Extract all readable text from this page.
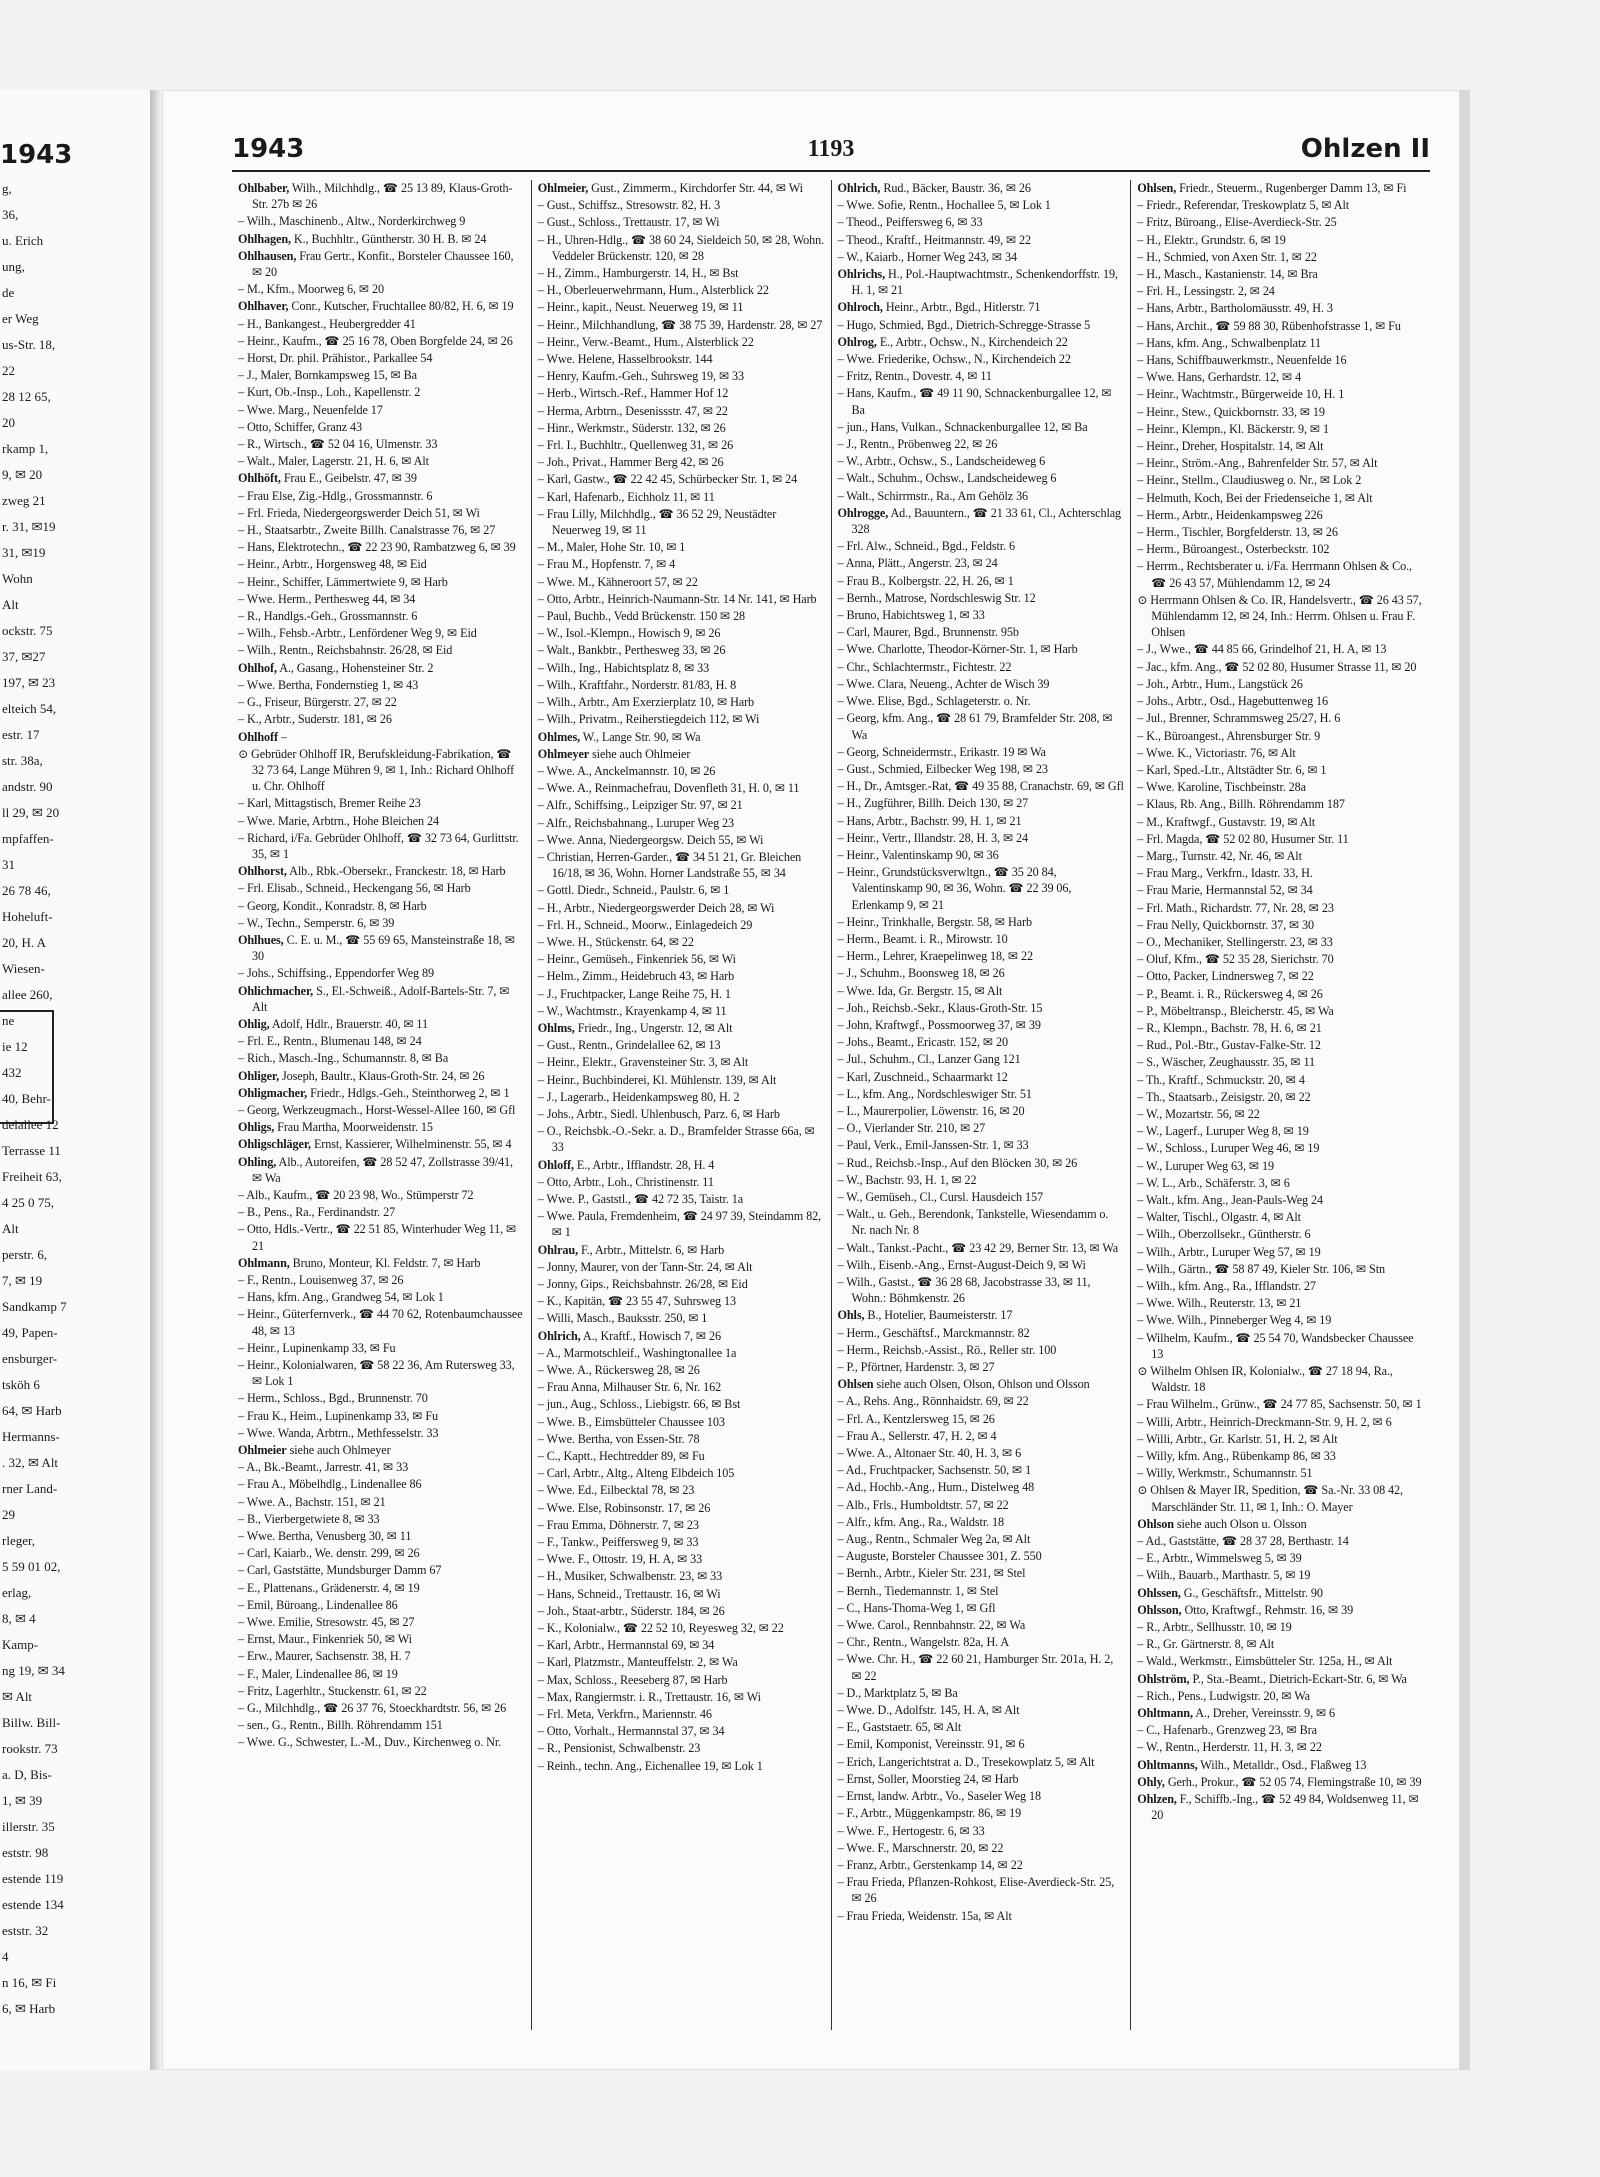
1943
g,
36,
u. Erich
ung,
de
er Weg
us-Str. 18,
22
28 12 65,
20
rkamp 1,
9, ✉ 20
zweg 21
r. 31, ✉19
31, ✉19
Wohn
Alt
ockstr. 75
37, ✉27
197, ✉ 23
elteich 54,
estr. 17
str. 38a,
andstr. 90
ll 29, ✉ 20
mpfaffen-
31
26 78 46,
Hoheluft-
20, H. A
Wiesen-
allee 260,
ne
ie 12
432
40, Behr-
delallee 12
Terrasse 11
Freiheit 63,
4 25 0 75,
Alt
perstr. 6,
7, ✉ 19
Sandkamp 7
49, Papen-
ensburger-
tsköh 6
64, ✉ Harb
Hermanns-
. 32, ✉ Alt
rner Land-
29
rleger,
5 59 01 02,
erlag,
8, ✉ 4
Kamp-
ng 19, ✉ 34
✉ Alt
Billw. Bill-
rookstr. 73
a. D, Bis-
1, ✉ 39
illerstr. 35
eststr. 98
estende 119
estende 134
eststr. 32
4
n 16, ✉ Fi
6, ✉ Harb
1943	1193	Ohlzen II
Ohlbaber, Wilh., Milchhdlg., ☎ 25 13 89, Klaus-Groth-Str. 27b ✉ 26
– Wilh., Maschinenb., Altw., Norderkirchweg 9
Ohlhagen, K., Buchhltr., Güntherstr. 30 H. B. ✉ 24
Ohlhausen, Frau Gertr., Konfit., Borsteler Chaussee 160, ✉ 20
– M., Kfm., Moorweg 6, ✉ 20
Ohlhaver, Conr., Kutscher, Fruchtallee 80/82, H. 6, ✉ 19
– H., Bankangest., Heubergredder 41
– Heinr., Kaufm., ☎ 25 16 78, Oben Borgfelde 24, ✉ 26
– Horst, Dr. phil. Prähistor., Parkallee 54
– J., Maler, Bornkampsweg 15, ✉ Ba
– Kurt, Ob.-Insp., Loh., Kapellenstr. 2
– Wwe. Marg., Neuenfelde 17
– Otto, Schiffer, Granz 43
– R., Wirtsch., ☎ 52 04 16, Ulmenstr. 33
– Walt., Maler, Lagerstr. 21, H. 6, ✉ Alt
Ohlhöft, Frau E., Geibelstr. 47, ✉ 39
– Frau Else, Zig.-Hdlg., Grossmannstr. 6
– Frl. Frieda, Niedergeorgswerder Deich 51, ✉ Wi
– H., Staatsarbtr., Zweite Billh. Canalstrasse 76, ✉ 27
– Hans, Elektrotechn., ☎ 22 23 90, Rambatzweg 6, ✉ 39
– Heinr., Arbtr., Horgensweg 48, ✉ Eid
– Heinr., Schiffer, Lämmertwiete 9, ✉ Harb
– Wwe. Herm., Perthesweg 44, ✉ 34
– R., Handlgs.-Geh., Grossmannstr. 6
– Wilh., Fehsb.-Arbtr., Lenfördener Weg 9, ✉ Eid
– Wilh., Rentn., Reichsbahnstr. 26/28, ✉ Eid
Ohlhof, A., Gasang., Hohensteiner Str. 2
– Wwe. Bertha, Fondernstieg 1, ✉ 43
– G., Friseur, Bürgerstr. 27, ✉ 22
– K., Arbtr., Suderstr. 181, ✉ 26
Ohlhoff –
⊙ Gebrüder Ohlhoff IR, Berufskleidung-Fabrikation, ☎ 32 73 64, Lange Mühren 9, ✉ 1, Inh.: Richard Ohlhoff u. Chr. Ohlhoff
– Karl, Mittagstisch, Bremer Reihe 23
– Wwe. Marie, Arbtrn., Hohe Bleichen 24
– Richard, i/Fa. Gebrüder Ohlhoff, ☎ 32 73 64, Gurlittstr. 35, ✉ 1
Ohlhorst, Alb., Rbk.-Obersekr., Franckestr. 18, ✉ Harb
– Frl. Elisab., Schneid., Heckengang 56, ✉ Harb
– Georg, Kondit., Konradstr. 8, ✉ Harb
– W., Techn., Semperstr. 6, ✉ 39
Ohlhues, C. E. u. M., ☎ 55 69 65, Mansteinstraße 18, ✉ 30
– Johs., Schiffsing., Eppendorfer Weg 89
Ohlichmacher, S., El.-Schweiß., Adolf-Bartels-Str. 7, ✉ Alt
Ohlig, Adolf, Hdlr., Brauerstr. 40, ✉ 11
– Frl. E., Rentn., Blumenau 148, ✉ 24
– Rich., Masch.-Ing., Schumannstr. 8, ✉ Ba
Ohliger, Joseph, Baultr., Klaus-Groth-Str. 24, ✉ 26
Ohligmacher, Friedr., Hdlgs.-Geh., Steinthorweg 2, ✉ 1
– Georg, Werkzeugmach., Horst-Wessel-Allee 160, ✉ Gfl
Ohligs, Frau Martha, Moorweidenstr. 15
Ohligschläger, Ernst, Kassierer, Wilhelminenstr. 55, ✉ 4
Ohling, Alb., Autoreifen, ☎ 28 52 47, Zollstrasse 39/41, ✉ Wa
– Alb., Kaufm., ☎ 20 23 98, Wo., Stümperstr 72
– B., Pens., Ra., Ferdinandstr. 27
– Otto, Hdls.-Vertr., ☎ 22 51 85, Winterhuder Weg 11, ✉ 21
Ohlmann, Bruno, Monteur, Kl. Feldstr. 7, ✉ Harb
– F., Rentn., Louisenweg 37, ✉ 26
– Hans, kfm. Ang., Grandweg 54, ✉ Lok 1
– Heinr., Güterfernverk., ☎ 44 70 62, Rotenbaumchaussee 48, ✉ 13
– Heinr., Lupinenkamp 33, ✉ Fu
– Heinr., Kolonialwaren, ☎ 58 22 36, Am Rutersweg 33, ✉ Lok 1
– Herm., Schloss., Bgd., Brunnenstr. 70
– Frau K., Heim., Lupinenkamp 33, ✉ Fu
– Wwe. Wanda, Arbtrn., Methfesselstr. 33
Ohlmeier siehe auch Ohlmeyer
– A., Bk.-Beamt., Jarrestr. 41, ✉ 33
– Frau A., Möbelhdlg., Lindenallee 86
– Wwe. A., Bachstr. 151, ✉ 21
– B., Vierbergetwiete 8, ✉ 33
– Wwe. Bertha, Venusberg 30, ✉ 11
– Carl, Kaiarb., We. denstr. 299, ✉ 26
– Carl, Gaststätte, Mundsburger Damm 67
– E., Plattenans., Grädenerstr. 4, ✉ 19
– Emil, Büroang., Lindenallee 86
– Wwe. Emilie, Stresowstr. 45, ✉ 27
– Ernst, Maur., Finkenriek 50, ✉ Wi
– Erw., Maurer, Sachsenstr. 38, H. 7
– F., Maler, Lindenallee 86, ✉ 19
– Fritz, Lagerhltr., Stuckenstr. 61, ✉ 22
– G., Milchhdlg., ☎ 26 37 76, Stoeckhardtstr. 56, ✉ 26
– sen., G., Rentn., Billh. Röhrendamm 151
– Wwe. G., Schwester, L.-M., Duv., Kirchenweg o. Nr.
Ohlmeier, Gust., Zimmerm., Kirchdorfer Str. 44, ✉ Wi
– Gust., Schiffsz., Stresowstr. 82, H. 3
– Gust., Schloss., Trettaustr. 17, ✉ Wi
– H., Uhren-Hdlg., ☎ 38 60 24, Sieldeich 50, ✉ 28, Wohn. Veddeler Brückenstr. 120, ✉ 28
– H., Zimm., Hamburgerstr. 14, H., ✉ Bst
– H., Oberleuerwehrmann, Hum., Alsterblick 22
– Heinr., kapit., Neust. Neuerweg 19, ✉ 11
– Heinr., Milchhandlung, ☎ 38 75 39, Hardenstr. 28, ✉ 27
– Heinr., Verw.-Beamt., Hum., Alsterblick 22
– Wwe. Helene, Hasselbrookstr. 144
– Henry, Kaufm.-Geh., Suhrsweg 19, ✉ 33
– Herb., Wirtsch.-Ref., Hammer Hof 12
– Herma, Arbtrn., Desenissstr. 47, ✉ 22
– Hinr., Werkmstr., Süderstr. 132, ✉ 26
– Frl. I., Buchhltr., Quellenweg 31, ✉ 26
– Joh., Privat., Hammer Berg 42, ✉ 26
– Karl, Gastw., ☎ 22 42 45, Schürbecker Str. 1, ✉ 24
– Karl, Hafenarb., Eichholz 11, ✉ 11
– Frau Lilly, Milchhdlg., ☎ 36 52 29, Neustädter Neuerweg 19, ✉ 11
– M., Maler, Hohe Str. 10, ✉ 1
– Frau M., Hopfenstr. 7, ✉ 4
– Wwe. M., Kähneroort 57, ✉ 22
– Otto, Arbtr., Heinrich-Naumann-Str. 14 Nr. 141, ✉ Harb
– Paul, Buchb., Vedd Brückenstr. 150 ✉ 28
– W., Isol.-Klempn., Howisch 9, ✉ 26
– Walt., Bankbtr., Perthesweg 33, ✉ 26
– Wilh., Ing., Habichtsplatz 8, ✉ 33
– Wilh., Kraftfahr., Norderstr. 81/83, H. 8
– Wilh., Arbtr., Am Exerzierplatz 10, ✉ Harb
– Wilh., Privatm., Reiherstiegdeich 112, ✉ Wi
Ohlmes, W., Lange Str. 90, ✉ Wa
Ohlmeyer siehe auch Ohlmeier
– Wwe. A., Anckelmannstr. 10, ✉ 26
– Wwe. A., Reinmachefrau, Dovenfleth 31, H. 0, ✉ 11
– Alfr., Schiffsing., Leipziger Str. 97, ✉ 21
– Alfr., Reichsbahnang., Luruper Weg 23
– Wwe. Anna, Niedergeorgsw. Deich 55, ✉ Wi
– Christian, Herren-Garder., ☎ 34 51 21, Gr. Bleichen 16/18, ✉ 36, Wohn. Horner Landstraße 55, ✉ 34
– Gottl. Diedr., Schneid., Paulstr. 6, ✉ 1
– H., Arbtr., Niedergeorgswerder Deich 28, ✉ Wi
– Frl. H., Schneid., Moorw., Einlagedeich 29
– Wwe. H., Stückenstr. 64, ✉ 22
– Heinr., Gemüseh., Finkenriek 56, ✉ Wi
– Helm., Zimm., Heidebruch 43, ✉ Harb
– J., Fruchtpacker, Lange Reihe 75, H. 1
– W., Wachtmstr., Krayenkamp 4, ✉ 11
Ohlms, Friedr., Ing., Ungerstr. 12, ✉ Alt
– Gust., Rentn., Grindelallee 62, ✉ 13
– Heinr., Elektr., Gravensteiner Str. 3, ✉ Alt
– Heinr., Buchbinderei, Kl. Mühlenstr. 139, ✉ Alt
– J., Lagerarb., Heidenkampsweg 80, H. 2
– Johs., Arbtr., Siedl. Uhlenbusch, Parz. 6, ✉ Harb
– O., Reichsbk.-O.-Sekr. a. D., Bramfelder Strasse 66a, ✉ 33
Ohloff, E., Arbtr., Ifflandstr. 28, H. 4
– Otto, Arbtr., Loh., Christinenstr. 11
– Wwe. P., Gaststl., ☎ 42 72 35, Taistr. 1a
– Wwe. Paula, Fremdenheim, ☎ 24 97 39, Steindamm 82, ✉ 1
Ohlrau, F., Arbtr., Mittelstr. 6, ✉ Harb
– Jonny, Maurer, von der Tann-Str. 24, ✉ Alt
– Jonny, Gips., Reichsbahnstr. 26/28, ✉ Eid
– K., Kapitän, ☎ 23 55 47, Suhrsweg 13
– Willi, Masch., Bauksstr. 250, ✉ 1
Ohlrich, A., Kraftf., Howisch 7, ✉ 26
– A., Marmotschleif., Washingtonallee 1a
– Wwe. A., Rückersweg 28, ✉ 26
– Frau Anna, Milhauser Str. 6, Nr. 162
– jun., Aug., Schloss., Liebigstr. 66, ✉ Bst
– Wwe. B., Eimsbütteler Chaussee 103
– Wwe. Bertha, von Essen-Str. 78
– C., Kaptt., Hechtredder 89, ✉ Fu
– Carl, Arbtr., Altg., Alteng Elbdeich 105
– Wwe. Ed., Eilbecktal 78, ✉ 23
– Wwe. Else, Robinsonstr. 17, ✉ 26
– Frau Emma, Döhnerstr. 7, ✉ 23
– F., Tankw., Peiffersweg 9, ✉ 33
– Wwe. F., Ottostr. 19, H. A, ✉ 33
– H., Musiker, Schwalbenstr. 23, ✉ 33
– Hans, Schneid., Trettaustr. 16, ✉ Wi
– Joh., Staat-arbtr., Süderstr. 184, ✉ 26
– K., Kolonialw., ☎ 22 52 10, Reyesweg 32, ✉ 22
– Karl, Arbtr., Hermannstal 69, ✉ 34
– Karl, Platzmstr., Manteuffelstr. 2, ✉ Wa
– Max, Schloss., Reeseberg 87, ✉ Harb
– Max, Rangiermstr. i. R., Trettaustr. 16, ✉ Wi
– Frl. Meta, Verkfrn., Mariennstr. 46
– Otto, Vorhalt., Hermannstal 37, ✉ 34
– R., Pensionist, Schwalbenstr. 23
– Reinh., techn. Ang., Eichenallee 19, ✉ Lok 1
Ohlrich, Rud., Bäcker, Baustr. 36, ✉ 26
– Wwe. Sofie, Rentn., Hochallee 5, ✉ Lok 1
– Theod., Peiffersweg 6, ✉ 33
– Theod., Kraftf., Heitmannstr. 49, ✉ 22
– W., Kaiarb., Horner Weg 243, ✉ 34
Ohlrichs, H., Pol.-Hauptwachtmstr., Schenkendorffstr. 19, H. 1, ✉ 21
Ohlroch, Heinr., Arbtr., Bgd., Hitlerstr. 71
– Hugo, Schmied, Bgd., Dietrich-Schregge-Strasse 5
Ohlrog, E., Arbtr., Ochsw., N., Kirchendeich 22
– Wwe. Friederike, Ochsw., N., Kirchendeich 22
– Fritz, Rentn., Dovestr. 4, ✉ 11
– Hans, Kaufm., ☎ 49 11 90, Schnackenburgallee 12, ✉ Ba
– jun., Hans, Vulkan., Schnackenburgallee 12, ✉ Ba
– J., Rentn., Pröbenweg 22, ✉ 26
– W., Arbtr., Ochsw., S., Landscheideweg 6
– Walt., Schuhm., Ochsw., Landscheideweg 6
– Walt., Schirrmstr., Ra., Am Gehölz 36
Ohlrogge, Ad., Bauuntern., ☎ 21 33 61, Cl., Achterschlag 328
– Frl. Alw., Schneid., Bgd., Feldstr. 6
– Anna, Plätt., Angerstr. 23, ✉ 24
– Frau B., Kolbergstr. 22, H. 26, ✉ 1
– Bernh., Matrose, Nordschleswig Str. 12
– Bruno, Habichtsweg 1, ✉ 33
– Carl, Maurer, Bgd., Brunnenstr. 95b
– Wwe. Charlotte, Theodor-Körner-Str. 1, ✉ Harb
– Chr., Schlachtermstr., Fichtestr. 22
– Wwe. Clara, Neueng., Achter de Wisch 39
– Wwe. Elise, Bgd., Schlageterstr. o. Nr.
– Georg, kfm. Ang., ☎ 28 61 79, Bramfelder Str. 208, ✉ Wa
– Georg, Schneidermstr., Erikastr. 19 ✉ Wa
– Gust., Schmied, Eilbecker Weg 198, ✉ 23
– H., Dr., Amtsger.-Rat, ☎ 49 35 88, Cranachstr. 69, ✉ Gfl
– H., Zugführer, Billh. Deich 130, ✉ 27
– Hans, Arbtr., Bachstr. 99, H. 1, ✉ 21
– Heinr., Vertr., Illandstr. 28, H. 3, ✉ 24
– Heinr., Valentinskamp 90, ✉ 36
– Heinr., Grundstücksverwltgn., ☎ 35 20 84, Valentinskamp 90, ✉ 36, Wohn. ☎ 22 39 06, Erlenkamp 9, ✉ 21
– Heinr., Trinkhalle, Bergstr. 58, ✉ Harb
– Herm., Beamt. i. R., Mirowstr. 10
– Herm., Lehrer, Kraepelinweg 18, ✉ 22
– J., Schuhm., Boonsweg 18, ✉ 26
– Wwe. Ida, Gr. Bergstr. 15, ✉ Alt
– Joh., Reichsb.-Sekr., Klaus-Groth-Str. 15
– John, Kraftwgf., Possmoorweg 37, ✉ 39
– Johs., Beamt., Ericastr. 152, ✉ 20
– Jul., Schuhm., Cl., Lanzer Gang 121
– Karl, Zuschneid., Schaarmarkt 12
– L., kfm. Ang., Nordschleswiger Str. 51
– L., Maurerpolier, Löwenstr. 16, ✉ 20
– O., Vierlander Str. 210, ✉ 27
– Paul, Verk., Emil-Janssen-Str. 1, ✉ 33
– Rud., Reichsb.-Insp., Auf den Blöcken 30, ✉ 26
– W., Bachstr. 93, H. 1, ✉ 22
– W., Gemüseh., Cl., Cursl. Hausdeich 157
– Walt., u. Geh., Berendonk, Tankstelle, Wiesendamm o. Nr. nach Nr. 8
– Walt., Tankst.-Pacht., ☎ 23 42 29, Berner Str. 13, ✉ Wa
– Wilh., Eisenb.-Ang., Ernst-August-Deich 9, ✉ Wi
– Wilh., Gastst., ☎ 36 28 68, Jacobstrasse 33, ✉ 11, Wohn.: Böhmkenstr. 26
Ohls, B., Hotelier, Baumeisterstr. 17
– Herm., Geschäftsf., Marckmannstr. 82
– Herm., Reichsb.-Assist., Rö., Reller str. 100
– P., Pförtner, Hardenstr. 3, ✉ 27
Ohlsen siehe auch Olsen, Olson, Ohlson und Olsson
– A., Rehs. Ang., Rönnhaidstr. 69, ✉ 22
– Frl. A., Kentzlersweg 15, ✉ 26
– Frau A., Sellerstr. 47, H. 2, ✉ 4
– Wwe. A., Altonaer Str. 40, H. 3, ✉ 6
– Ad., Fruchtpacker, Sachsenstr. 50, ✉ 1
– Ad., Hochb.-Ang., Hum., Distelweg 48
– Alb., Frls., Humboldtstr. 57, ✉ 22
– Alfr., kfm. Ang., Ra., Waldstr. 18
– Aug., Rentn., Schmaler Weg 2a, ✉ Alt
– Auguste, Borsteler Chaussee 301, Z. 550
– Bernh., Arbtr., Kieler Str. 231, ✉ Stel
– Bernh., Tiedemannstr. 1, ✉ Stel
– C., Hans-Thoma-Weg 1, ✉ Gfl
– Wwe. Carol., Rennbahnstr. 22, ✉ Wa
– Chr., Rentn., Wangelstr. 82a, H. A
– Wwe. Chr. H., ☎ 22 60 21, Hamburger Str. 201a, H. 2, ✉ 22
– D., Marktplatz 5, ✉ Ba
– Wwe. D., Adolfstr. 145, H. A, ✉ Alt
– E., Gaststaetr. 65, ✉ Alt
– Emil, Komponist, Vereinsstr. 91, ✉ 6
– Erich, Langerichtstrat a. D., Tresekowplatz 5, ✉ Alt
– Ernst, Soller, Moorstieg 24, ✉ Harb
– Ernst, landw. Arbtr., Vo., Saseler Weg 18
– F., Arbtr., Müggenkampstr. 86, ✉ 19
– Wwe. F., Hertogestr. 6, ✉ 33
– Wwe. F., Marschnerstr. 20, ✉ 22
– Franz, Arbtr., Gerstenkamp 14, ✉ 22
– Frau Frieda, Pflanzen-Rohkost, Elise-Averdieck-Str. 25, ✉ 26
– Frau Frieda, Weidenstr. 15a, ✉ Alt
Ohlsen, Friedr., Steuerm., Rugenberger Damm 13, ✉ Fi
– Friedr., Referendar, Treskowplatz 5, ✉ Alt
– Fritz, Büroang., Elise-Averdieck-Str. 25
– H., Elektr., Grundstr. 6, ✉ 19
– H., Schmied, von Axen Str. 1, ✉ 22
– H., Masch., Kastanienstr. 14, ✉ Bra
– Frl. H., Lessingstr. 2, ✉ 24
– Hans, Arbtr., Bartholomäusstr. 49, H. 3
– Hans, Archit., ☎ 59 88 30, Rübenhofstrasse 1, ✉ Fu
– Hans, kfm. Ang., Schwalbenplatz 11
– Hans, Schiffbauwerkmstr., Neuenfelde 16
– Wwe. Hans, Gerhardstr. 12, ✉ 4
– Heinr., Wachtmstr., Bürgerweide 10, H. 1
– Heinr., Stew., Quickbornstr. 33, ✉ 19
– Heinr., Klempn., Kl. Bäckerstr. 9, ✉ 1
– Heinr., Dreher, Hospitalstr. 14, ✉ Alt
– Heinr., Ström.-Ang., Bahrenfelder Str. 57, ✉ Alt
– Heinr., Stellm., Claudiusweg o. Nr., ✉ Lok 2
– Helmuth, Koch, Bei der Friedenseiche 1, ✉ Alt
– Herm., Arbtr., Heidenkampsweg 226
– Herm., Tischler, Borgfelderstr. 13, ✉ 26
– Herm., Büroangest., Osterbeckstr. 102
– Herrm., Rechtsberater u. i/Fa. Herrmann Ohlsen & Co., ☎ 26 43 57, Mühlendamm 12, ✉ 24
⊙ Herrmann Ohlsen & Co. IR, Handelsvertr., ☎ 26 43 57, Mühlendamm 12, ✉ 24, Inh.: Herrm. Ohlsen u. Frau F. Ohlsen
– J., Wwe., ☎ 44 85 66, Grindelhof 21, H. A, ✉ 13
– Jac., kfm. Ang., ☎ 52 02 80, Husumer Strasse 11, ✉ 20
– Joh., Arbtr., Hum., Langstück 26
– Johs., Arbtr., Osd., Hagebuttenweg 16
– Jul., Brenner, Schrammsweg 25/27, H. 6
– K., Büroangest., Ahrensburger Str. 9
– Wwe. K., Victoriastr. 76, ✉ Alt
– Karl, Sped.-Ltr., Altstädter Str. 6, ✉ 1
– Wwe. Karoline, Tischbeinstr. 28a
– Klaus, Rb. Ang., Billh. Röhrendamm 187
– M., Kraftwgf., Gustavstr. 19, ✉ Alt
– Frl. Magda, ☎ 52 02 80, Husumer Str. 11
– Marg., Turnstr. 42, Nr. 46, ✉ Alt
– Frau Marg., Verkfrn., Idastr. 33, H.
– Frau Marie, Hermannstal 52, ✉ 34
– Frl. Math., Richardstr. 77, Nr. 28, ✉ 23
– Frau Nelly, Quickbornstr. 37, ✉ 30
– O., Mechaniker, Stellingerstr. 23, ✉ 33
– Oluf, Kfm., ☎ 52 35 28, Sierichstr. 70
– Otto, Packer, Lindnersweg 7, ✉ 22
– P., Beamt. i. R., Rückersweg 4, ✉ 26
– P., Möbeltransp., Bleicherstr. 45, ✉ Wa
– R., Klempn., Bachstr. 78, H. 6, ✉ 21
– Rud., Pol.-Btr., Gustav-Falke-Str. 12
– S., Wäscher, Zeughausstr. 35, ✉ 11
– Th., Kraftf., Schmuckstr. 20, ✉ 4
– Th., Staatsarb., Zeisigstr. 20, ✉ 22
– W., Mozartstr. 56, ✉ 22
– W., Lagerf., Luruper Weg 8, ✉ 19
– W., Schloss., Luruper Weg 46, ✉ 19
– W., Luruper Weg 63, ✉ 19
– W. L., Arb., Schäferstr. 3, ✉ 6
– Walt., kfm. Ang., Jean-Pauls-Weg 24
– Walter, Tischl., Olgastr. 4, ✉ Alt
– Wilh., Oberzollsekr., Güntherstr. 6
– Wilh., Arbtr., Luruper Weg 57, ✉ 19
– Wilh., Gärtn., ☎ 58 87 49, Kieler Str. 106, ✉ Stn
– Wilh., kfm. Ang., Ra., Ifflandstr. 27
– Wwe. Wilh., Reuterstr. 13, ✉ 21
– Wwe. Wilh., Pinneberger Weg 4, ✉ 19
– Wilhelm, Kaufm., ☎ 25 54 70, Wandsbecker Chaussee 13
⊙ Wilhelm Ohlsen IR, Kolonialw., ☎ 27 18 94, Ra., Waldstr. 18
– Frau Wilhelm., Grünw., ☎ 24 77 85, Sachsenstr. 50, ✉ 1
– Willi, Arbtr., Heinrich-Dreckmann-Str. 9, H. 2, ✉ 6
– Willi, Arbtr., Gr. Karlstr. 51, H. 2, ✉ Alt
– Willy, kfm. Ang., Rübenkamp 86, ✉ 33
– Willy, Werkmstr., Schumannstr. 51
⊙ Ohlsen & Mayer IR, Spedition, ☎ Sa.-Nr. 33 08 42, Marschländer Str. 11, ✉ 1, Inh.: O. Mayer
Ohlson siehe auch Olson u. Olsson
– Ad., Gaststätte, ☎ 28 37 28, Berthastr. 14
– E., Arbtr., Wimmelsweg 5, ✉ 39
– Wilh., Bauarb., Marthastr. 5, ✉ 19
Ohlssen, G., Geschäftsfr., Mittelstr. 90
Ohlsson, Otto, Kraftwgf., Rehmstr. 16, ✉ 39
– R., Arbtr., Sellhusstr. 10, ✉ 19
– R., Gr. Gärtnerstr. 8, ✉ Alt
– Wald., Werkmstr., Eimsbütteler Str. 125a, H., ✉ Alt
Ohlström, P., Sta.-Beamt., Dietrich-Eckart-Str. 6, ✉ Wa
– Rich., Pens., Ludwigstr. 20, ✉ Wa
Ohltmann, A., Dreher, Vereinsstr. 9, ✉ 6
– C., Hafenarb., Grenzweg 23, ✉ Bra
– W., Rentn., Herderstr. 11, H. 3, ✉ 22
Ohltmanns, Wilh., Metalldr., Osd., Flaßweg 13
Ohly, Gerh., Prokur., ☎ 52 05 74, Flemingstraße 10, ✉ 39
Ohlzen, F., Schiffb.-Ing., ☎ 52 49 84, Woldsenweg 11, ✉ 20
